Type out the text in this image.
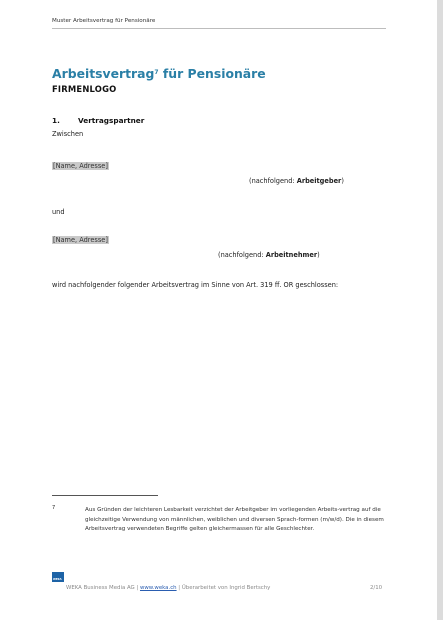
Muster Arbeitsvertrag für Pensionäre
Arbeitsvertrag$^7$ für Pensionäre
FIRMENLOGO
1. Vertragspartner
Zwischen
[Name, Adresse]
(nachfolgend: Arbeitgeber)
und
[Name, Adresse]
(nachfolgend: Arbeitnehmer)
wird nachfolgender folgender Arbeitsvertrag im Sinne von Art. 319 ff. OR geschlossen:
7	Aus Gründen der leichteren Lesbarkeit verzichtet der Arbeitgeber im vorliegenden Arbeits-vertrag auf die gleichzeitige Verwendung von männlichen, weiblichen und diversen Sprach-formen (m/w/d). Die in diesem Arbeitsvertrag verwendeten Begriffe gelten gleichermassen für alle Geschlechter.

WEKA
WEKA Business Media AG | www.weka.ch | Überarbeitet von Ingrid Bertschy	2/10
